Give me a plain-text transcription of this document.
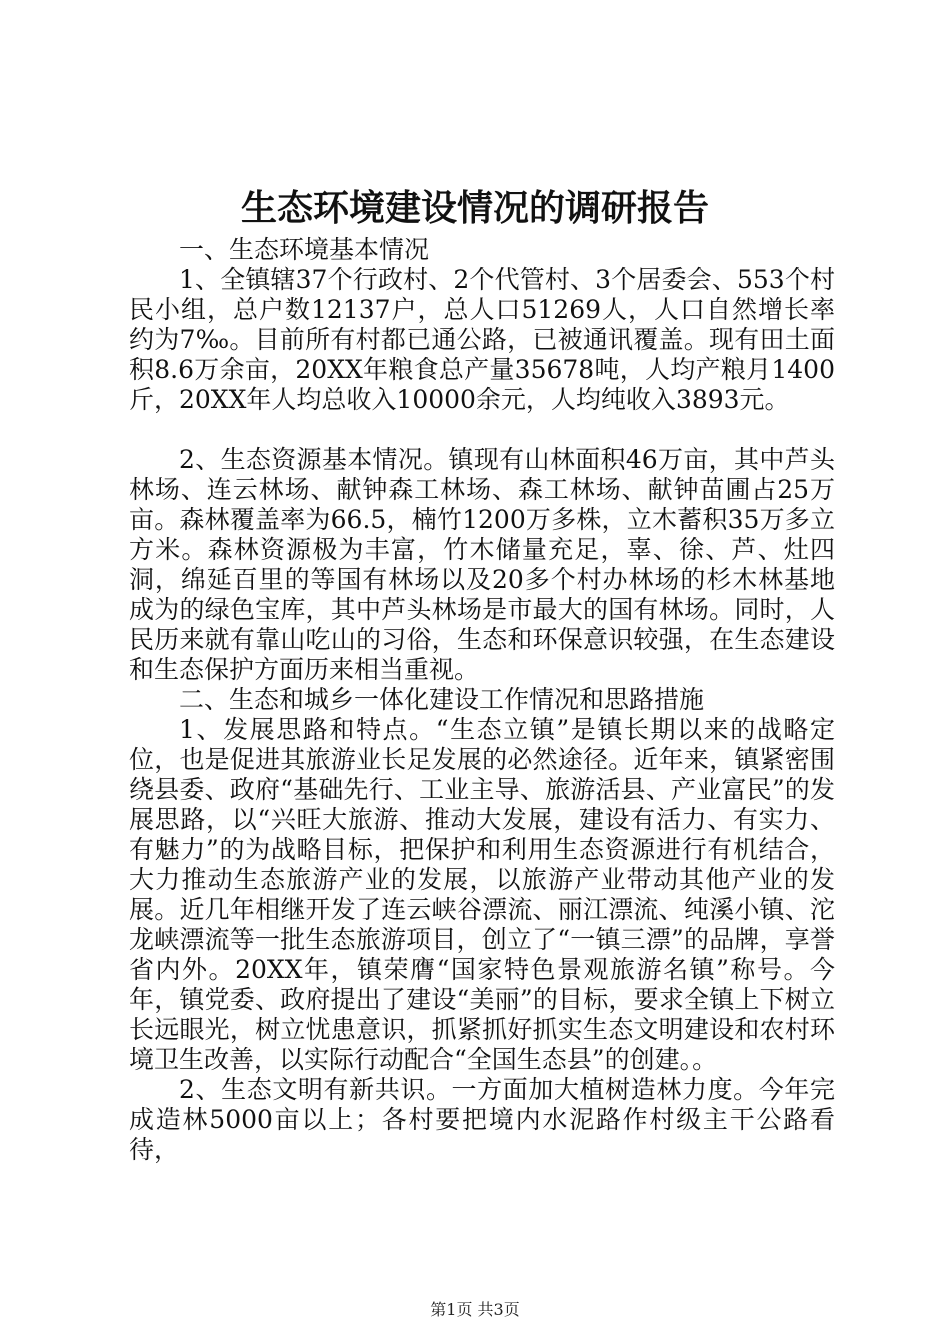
生态环境建设情况的调研报告

一、生态环境基本情况

1、全镇辖37个行政村、2个代管村、3个居委会、553个村民小组，总户数12137户，总人口51269人，人口自然增长率约为7‰。目前所有村都已通公路，已被通讯覆盖。现有田土面积8.6万余亩，20XX年粮食总产量35678吨，人均产粮月1400斤，20XX年人均总收入10000余元，人均纯收入3893元。

2、生态资源基本情况。镇现有山林面积46万亩，其中芦头林场、连云林场、献钟森工林场、森工林场、献钟苗圃占25万亩。森林覆盖率为66.5，楠竹1200万多株，立木蓄积35万多立方米。森林资源极为丰富，竹木储量充足，辜、徐、芦、灶四洞，绵延百里的等国有林场以及20多个村办林场的杉木林基地成为的绿色宝库，其中芦头林场是市最大的国有林场。同时，人民历来就有靠山吃山的习俗，生态和环保意识较强，在生态建设和生态保护方面历来相当重视。

二、生态和城乡一体化建设工作情况和思路措施

1、发展思路和特点。“生态立镇”是镇长期以来的战略定位，也是促进其旅游业长足发展的必然途径。近年来，镇紧密围绕县委、政府“基础先行、工业主导、旅游活县、产业富民”的发展思路，以“兴旺大旅游、推动大发展，建设有活力、有实力、有魅力”的为战略目标，把保护和利用生态资源进行有机结合，大力推动生态旅游产业的发展，以旅游产业带动其他产业的发展。近几年相继开发了连云峡谷漂流、丽江漂流、纯溪小镇、沱龙峡漂流等一批生态旅游项目，创立了“一镇三漂”的品牌，享誉省内外。20XX年，镇荣膺“国家特色景观旅游名镇”称号。今年，镇党委、政府提出了建设“美丽”的目标，要求全镇上下树立长远眼光，树立忧患意识，抓紧抓好抓实生态文明建设和农村环境卫生改善，以实际行动配合“全国生态县”的创建。。

2、生态文明有新共识。一方面加大植树造林力度。今年完成造林5000亩以上；各村要把境内水泥路作村级主干公路看待，

第1页 共3页
